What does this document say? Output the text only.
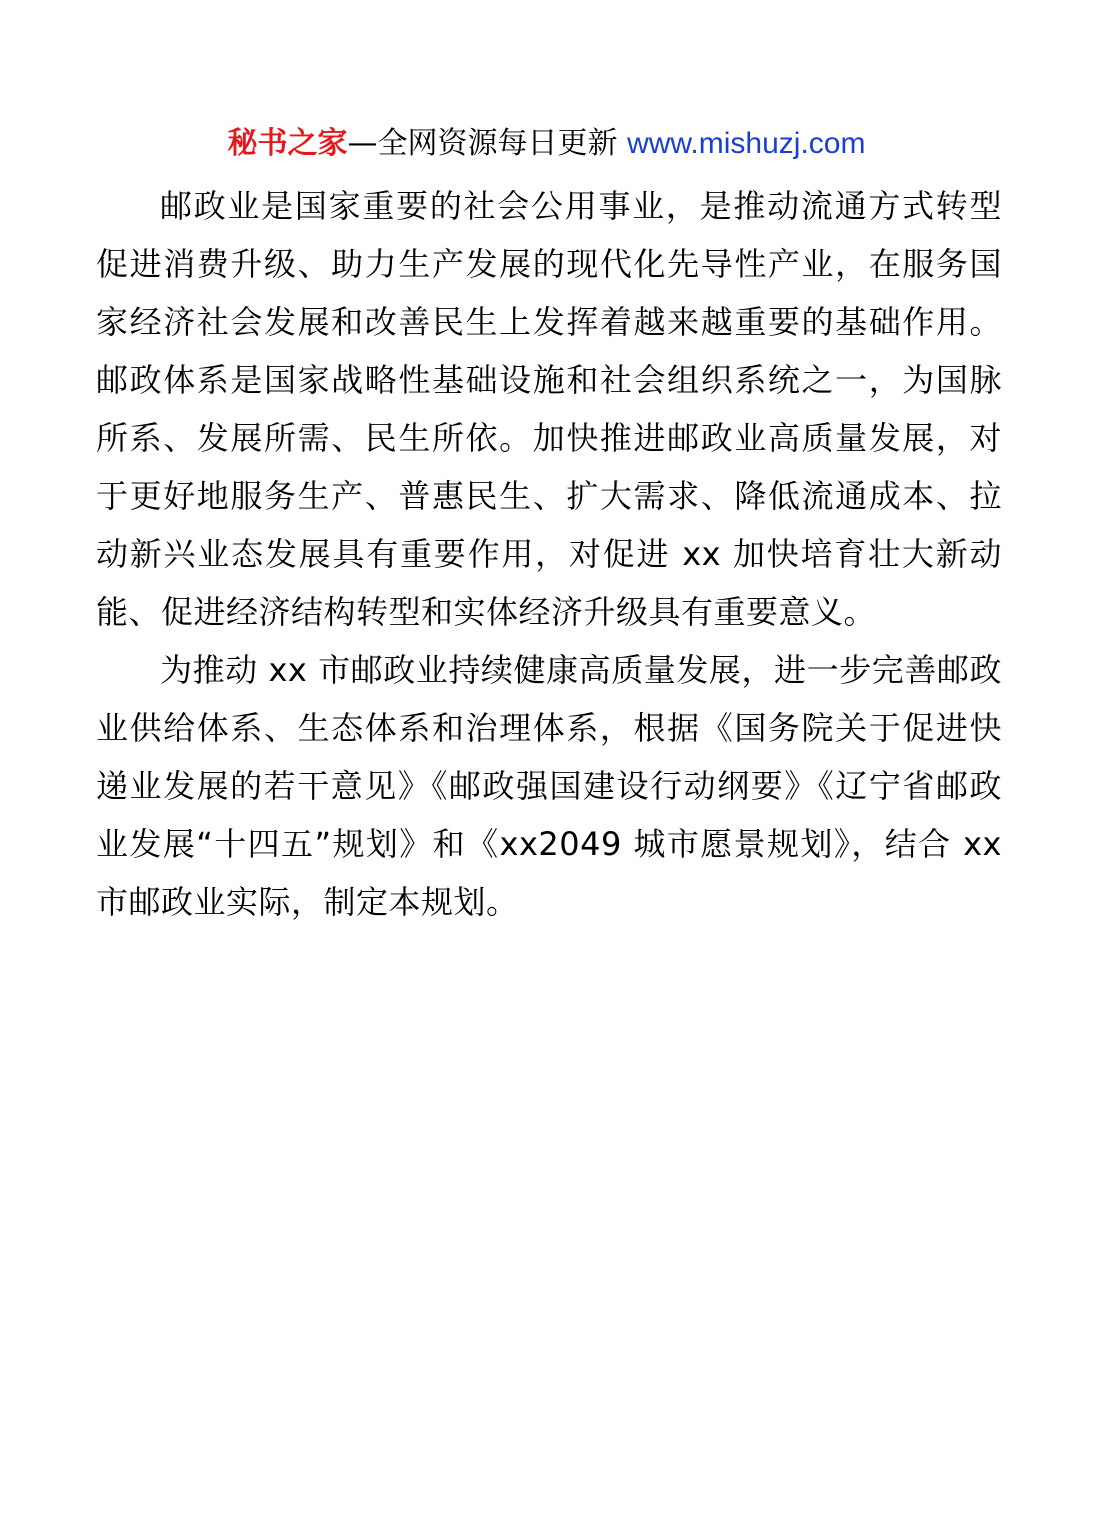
秘书之家—全网资源每日更新 www.mishuzj.com

邮政业是国家重要的社会公用事业，是推动流通方式转型促进消费升级、助力生产发展的现代化先导性产业，在服务国家经济社会发展和改善民生上发挥着越来越重要的基础作用。邮政体系是国家战略性基础设施和社会组织系统之一，为国脉所系、发展所需、民生所依。加快推进邮政业高质量发展，对于更好地服务生产、普惠民生、扩大需求、降低流通成本、拉动新兴业态发展具有重要作用，对促进 xx 加快培育壮大新动能、促进经济结构转型和实体经济升级具有重要意义。

为推动 xx 市邮政业持续健康高质量发展，进一步完善邮政业供给体系、生态体系和治理体系，根据《国务院关于促进快递业发展的若干意见》《邮政强国建设行动纲要》《辽宁省邮政业发展“十四五”规划》和《xx2049 城市愿景规划》，结合 xx 市邮政业实际，制定本规划。
